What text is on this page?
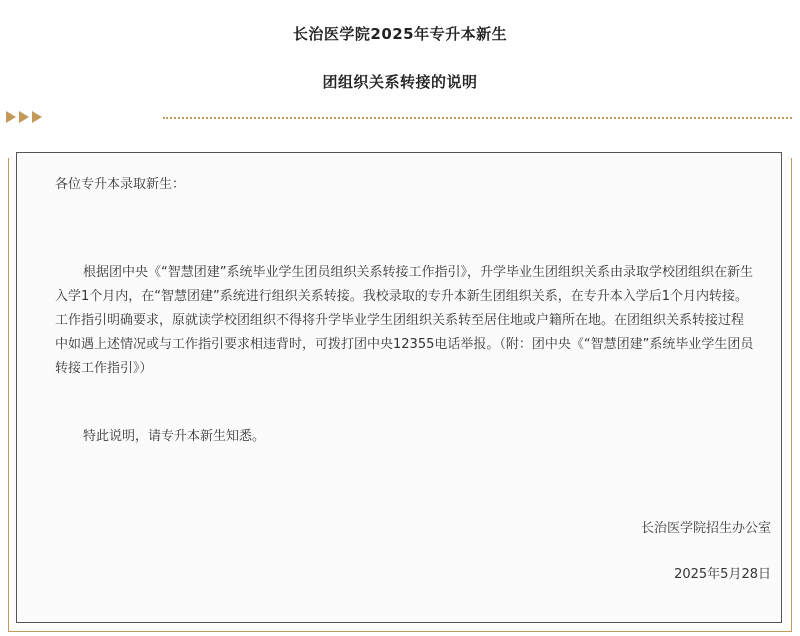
长治医学院2025年专升本新生
团组织关系转接的说明

各位专升本录取新生：

根据团中央《“智慧团建”系统毕业学生团员组织关系转接工作指引》，升学毕业生团组织关系由录取学校团组织在新生入学1个月内，在“智慧团建”系统进行组织关系转接。我校录取的专升本新生团组织关系，在专升本入学后1个月内转接。工作指引明确要求，原就读学校团组织不得将升学毕业学生团组织关系转至居住地或户籍所在地。在团组织关系转接过程中如遇上述情况或与工作指引要求相违背时，可拨打团中央12355电话举报。（附：团中央《“智慧团建”系统毕业学生团员转接工作指引》）

特此说明，请专升本新生知悉。

长治医学院招生办公室
2025年5月28日
